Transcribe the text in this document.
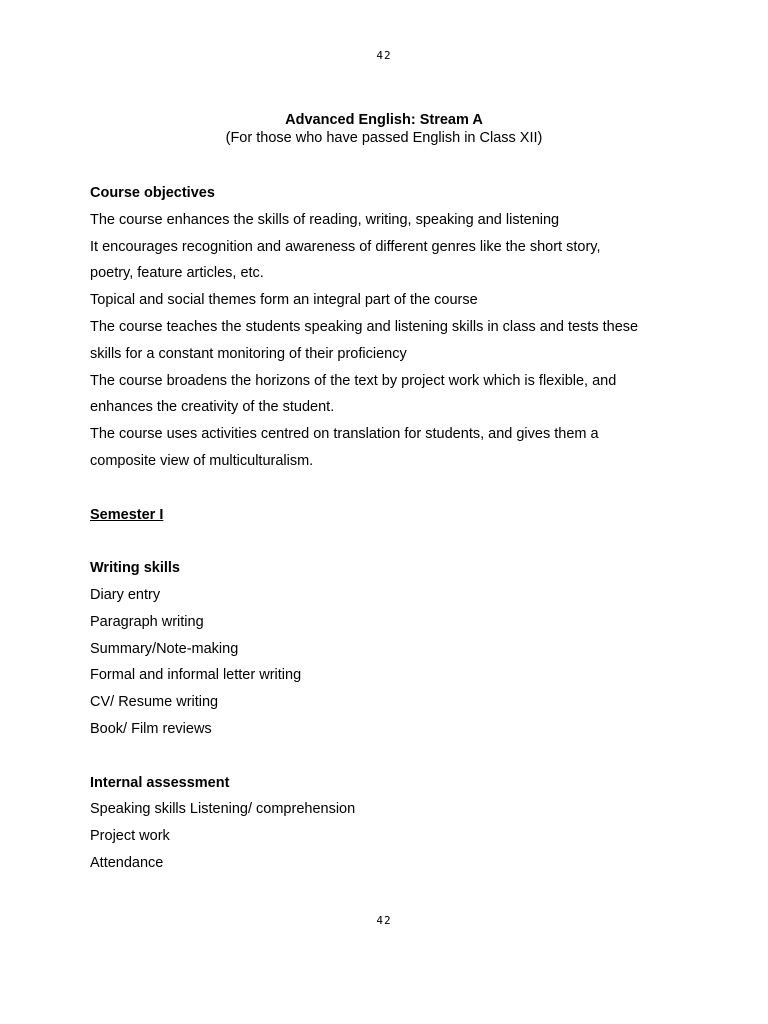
42
Advanced English: Stream A
(For those who have passed English in Class XII)
Course objectives
The course enhances the skills of reading, writing, speaking and listening
It encourages recognition and awareness of different genres like the short story,
poetry, feature articles, etc.
Topical and social themes form an integral part of the course
The course teaches the students speaking and listening skills in class and tests these
skills for a constant monitoring of their proficiency
The course broadens the horizons of the text by project work which is flexible, and
enhances the creativity of the student.
The course uses activities centred on translation for students, and gives them a
composite view of multiculturalism.
Semester I
Writing skills
Diary entry
Paragraph writing
Summary/Note-making
Formal and informal letter writing
CV/ Resume writing
Book/ Film reviews
Internal assessment
Speaking skills Listening/ comprehension
Project work
Attendance
42
